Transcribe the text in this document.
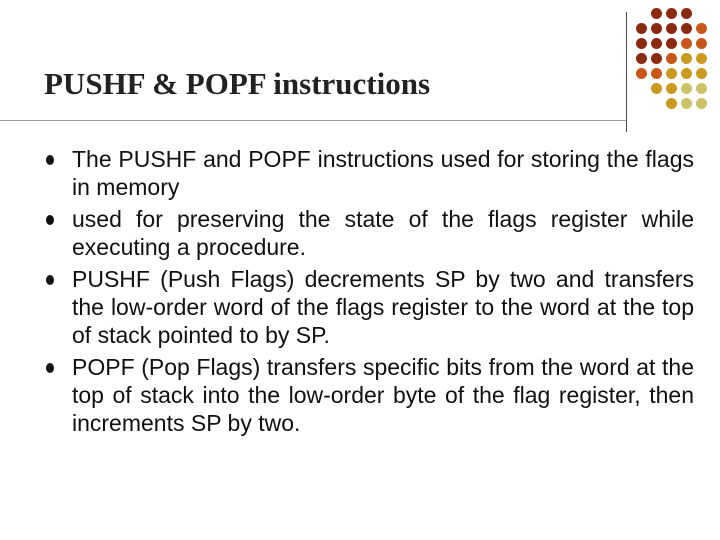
PUSHF & POPF instructions
The PUSHF and POPF instructions used for storing the flags in memory
used for preserving the state of the flags register while executing a procedure.
PUSHF (Push Flags) decrements SP by two and transfers the low-order word of the flags register to the word at the top of stack pointed to by SP.
POPF (Pop Flags) transfers specific bits from the word at the top of stack into the low-order byte of the flag register, then increments SP by two.
